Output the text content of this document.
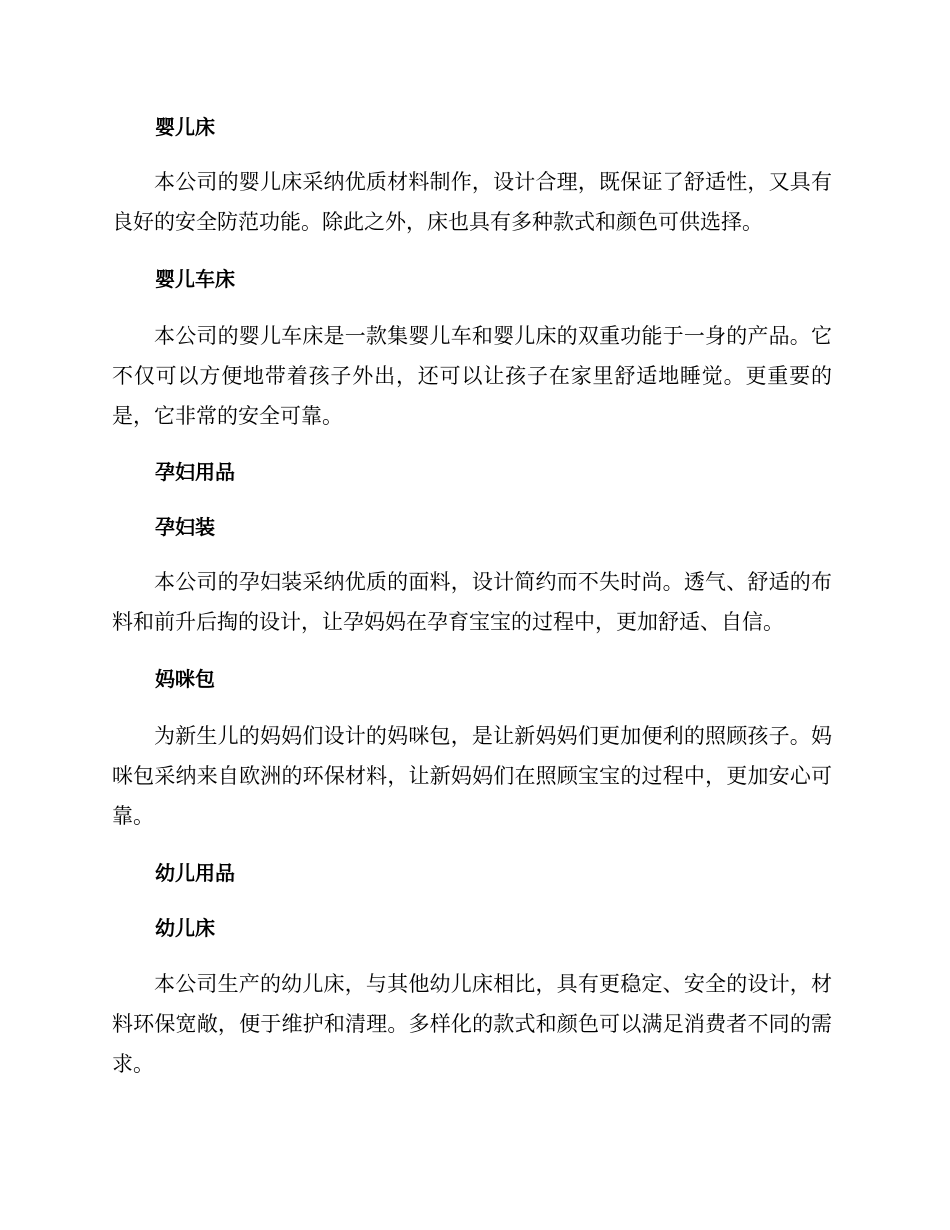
婴儿床

本公司的婴儿床采纳优质材料制作，设计合理，既保证了舒适性，又具有良好的安全防范功能。除此之外，床也具有多种款式和颜色可供选择。

婴儿车床

本公司的婴儿车床是一款集婴儿车和婴儿床的双重功能于一身的产品。它不仅可以方便地带着孩子外出，还可以让孩子在家里舒适地睡觉。更重要的是，它非常的安全可靠。

孕妇用品
孕妇装

本公司的孕妇装采纳优质的面料，设计简约而不失时尚。透气、舒适的布料和前升后掏的设计，让孕妈妈在孕育宝宝的过程中，更加舒适、自信。

妈咪包

为新生儿的妈妈们设计的妈咪包，是让新妈妈们更加便利的照顾孩子。妈咪包采纳来自欧洲的环保材料，让新妈妈们在照顾宝宝的过程中，更加安心可靠。

幼儿用品
幼儿床

本公司生产的幼儿床，与其他幼儿床相比，具有更稳定、安全的设计，材料环保宽敞，便于维护和清理。多样化的款式和颜色可以满足消费者不同的需求。
